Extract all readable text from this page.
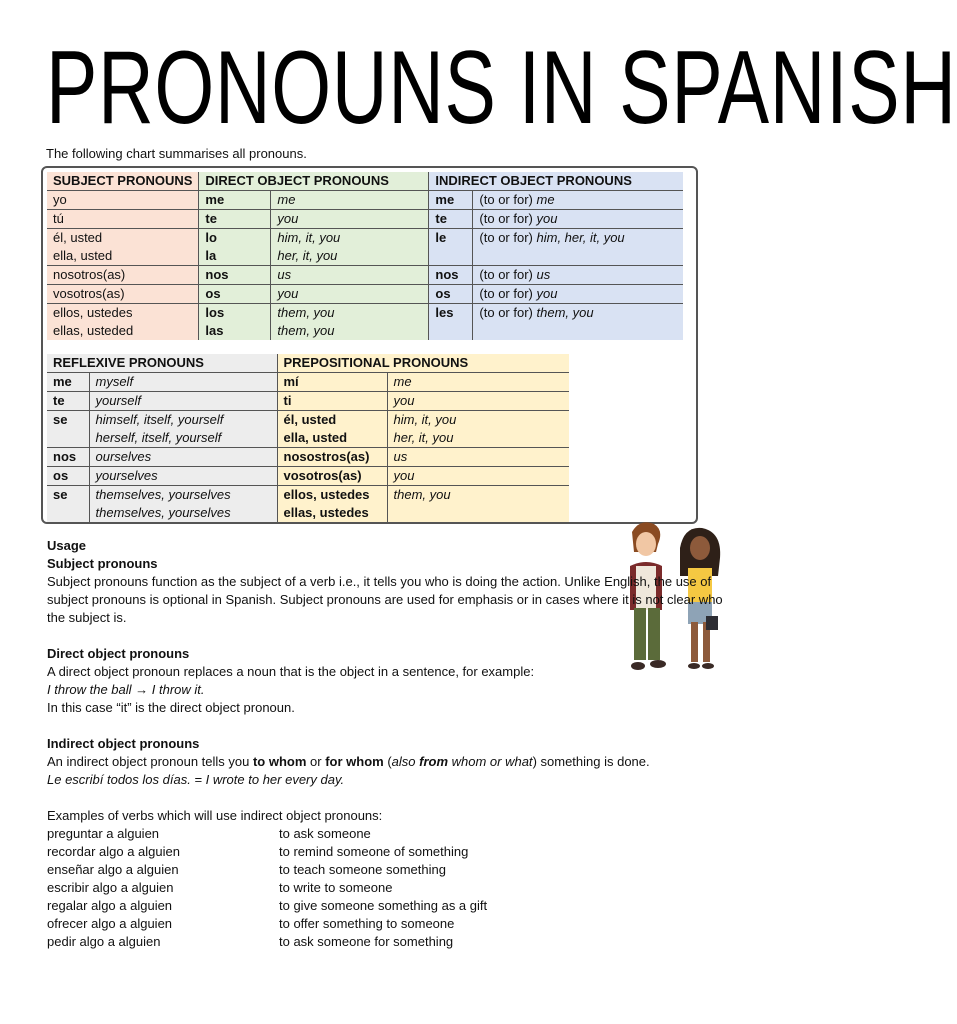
PRONOUNS IN SPANISH
The following chart summarises all pronouns.
SUBJECT PRONOUNS	DIRECT OBJECT PRONOUNS		INDIRECT OBJECT PRONOUNS	
yo	me	me	me	(to or for) me
tú	te	you	te	(to or for) you
él, usted	lo	him, it, you	le	(to or for) him, her, it, you
ella, usted	la	her, it, you		
nosotros(as)	nos	us	nos	(to or for) us
vosotros(as)	os	you	os	(to or for) you
ellos, ustedes	los	them, you	les	(to or for) them, you
ellas, usteded	las	them, you		
REFLEXIVE PRONOUNS		PREPOSITIONAL PRONOUNS	
me	myself	mí	me
te	yourself	ti	you
se	himself, itself, yourself	él, usted	him, it, you
	herself, itself, yourself	ella, usted	her, it, you
nos	ourselves	nosostros(as)	us
os	yourselves	vosotros(as)	you
se	themselves, yourselves	ellos, ustedes	them, you
	themselves, yourselves	ellas, ustedes	

Usage

Subject pronouns

Subject pronouns function as the subject of a verb i.e., it tells you who is doing the action. Unlike English, the use of subject pronouns is optional in Spanish. Subject pronouns are used for emphasis or in cases where it is not clear who the subject is.

Direct object pronouns

A direct object pronoun replaces a noun that is the object in a sentence, for example:

I throw the ball → I throw it.

In this case “it” is the direct object pronoun.

Indirect object pronouns

An indirect object pronoun tells you to whom or for whom (also from whom or what) something is done.

Le escribí todos los días. = I wrote to her every day.

Examples of verbs which will use indirect object pronouns:

preguntar a alguien	to ask someone
recordar algo a alguien	to remind someone of something
enseñar algo a alguien	to teach someone something
escribir algo a alguien	to write to someone
regalar algo a alguien	to give someone something as a gift
ofrecer algo a alguien	to offer something to someone
pedir algo a alguien	to ask someone for something
